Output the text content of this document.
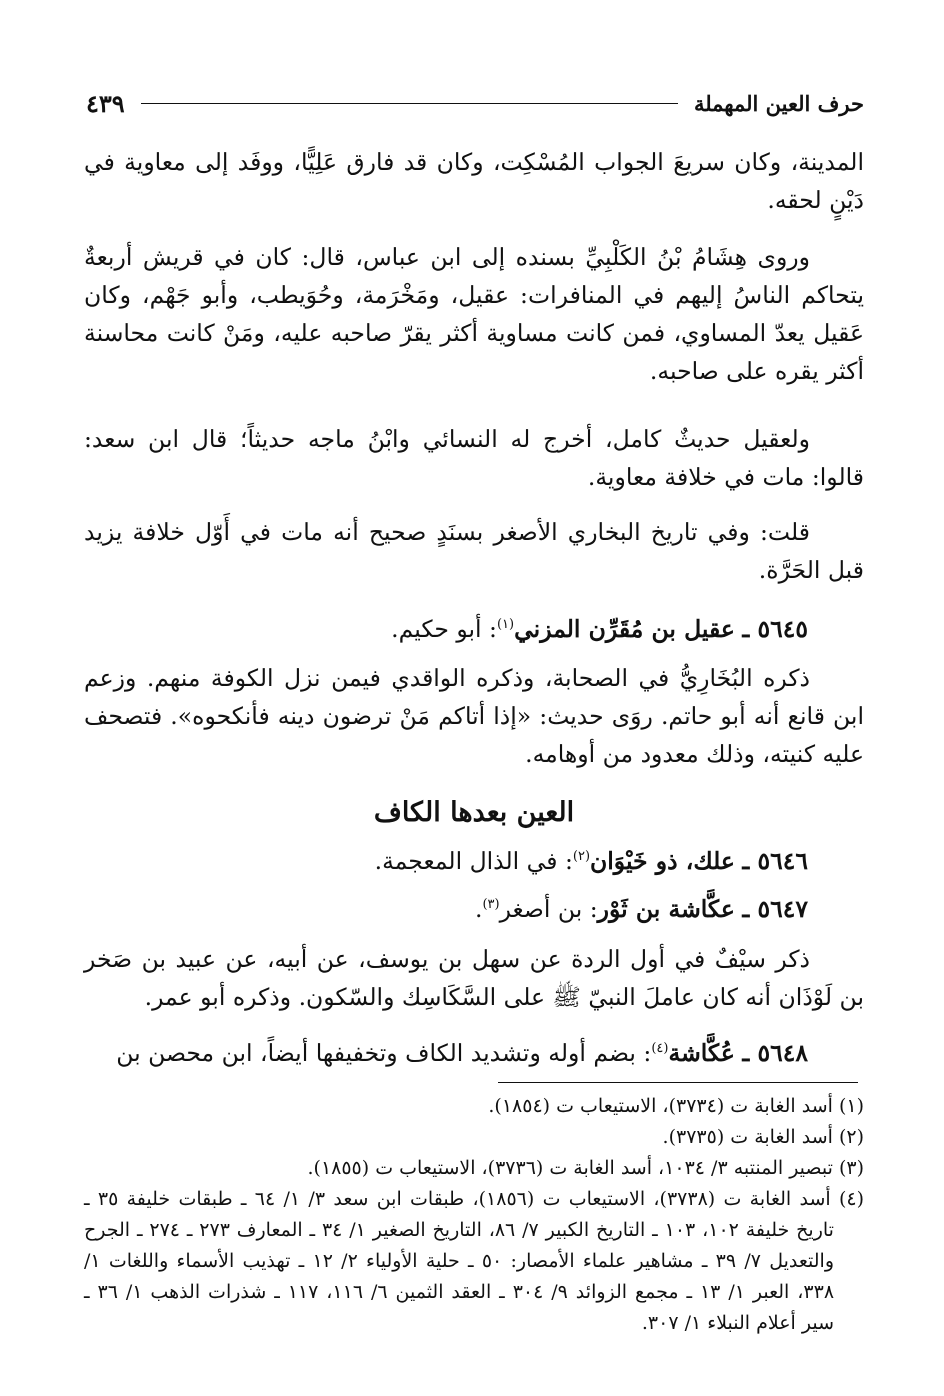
حرف العين المهملة
٤٣٩

المدينة، وكان سريعَ الجواب المُسْكِت، وكان قد فارق عَلِيًّا، ووفَد إلى معاوية في دَيْنٍ لحقه.

وروى هِشَامُ بْنُ الكَلْبِيِّ بسنده إلى ابن عباس، قال: كان في قريش أربعةٌ يتحاكم الناسُ إليهم في المنافرات: عقيل، ومَخْرَمة، وحُوَيطب، وأبو جَهْم، وكان عَقيل يعدّ المساوي، فمن كانت مساوية أكثر يقرّ صاحبه عليه، ومَنْ كانت محاسنة أكثر يقره على صاحبه.

ولعقيل حديثٌ كامل، أخرج له النسائي وابْنُ ماجه حديثاً؛ قال ابن سعد: قالوا: مات في خلافة معاوية.

قلت: وفي تاريخ البخاري الأصغر بسنَدٍ صحيح أنه مات في أَوّل خلافة يزيد قبل الحَرَّة.

٥٦٤٥ ـ عقيل بن مُقَرِّن المزني$^{(١)}$: أبو حكيم.

ذكره البُخَارِيُّ في الصحابة، وذكره الواقدي فيمن نزل الكوفة منهم. وزعم ابن قانع أنه أبو حاتم. روَى حديث: «إذا أتاكم مَنْ ترضون دينه فأنكحوه». فتصحف عليه كنيته، وذلك معدود من أوهامه.

العين بعدها الكاف
٥٦٤٦ ـ علك، ذو خَيْوَان$^{(٢)}$: في الذال المعجمة.
٥٦٤٧ ـ عكَّاشة بن ثَوْر: بن أصغر$^{(٣)}$.

ذكر سيْفٌ في أول الردة عن سهل بن يوسف، عن أبيه، عن عبيد بن صَخر بن لَوْذَان أنه كان عاملَ النبيّ ﷺ على السَّكَاسِك والسّكون. وذكره أبو عمر.

٥٦٤٨ ـ عُكَّاشة$^{(٤)}$: بضم أوله وتشديد الكاف وتخفيفها أيضاً، ابن محصن بن

(١) أسد الغابة ت (٣٧٣٤)، الاستيعاب ت (١٨٥٤).

(٢) أسد الغابة ت (٣٧٣٥).

(٣) تبصير المنتبه ٣/ ١٠٣٤، أسد الغابة ت (٣٧٣٦)، الاستيعاب ت (١٨٥٥).

(٤) أسد الغابة ت (٣٧٣٨)، الاستيعاب ت (١٨٥٦)، طبقات ابن سعد ٣/ ١/ ٦٤ ـ طبقات خليفة ٣٥ ـ تاريخ خليفة ١٠٢، ١٠٣ ـ التاريخ الكبير ٧/ ٨٦، التاريخ الصغير ١/ ٣٤ ـ المعارف ٢٧٣ ـ ٢٧٤ ـ الجرح والتعديل ٧/ ٣٩ ـ مشاهير علماء الأمصار: ٥٠ ـ حلية الأولياء ٢/ ١٢ ـ تهذيب الأسماء واللغات ١/ ٣٣٨، العبر ١/ ١٣ ـ مجمع الزوائد ٩/ ٣٠٤ ـ العقد الثمين ٦/ ١١٦، ١١٧ ـ شذرات الذهب ١/ ٣٦ ـ سير أعلام النبلاء ١/ ٣٠٧.
